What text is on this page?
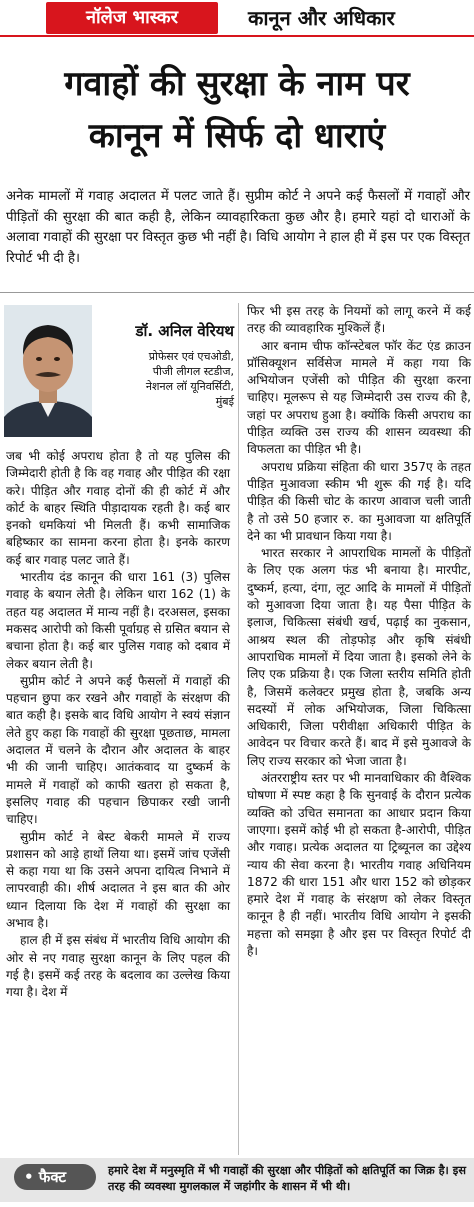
नॉलेज भास्कर	कानून और अधिकार
गवाहों की सुरक्षा के नाम पर
कानून में सिर्फ दो धाराएं
अनेक मामलों में गवाह अदालत में पलट जाते हैं। सुप्रीम कोर्ट ने अपने कई फैसलों में गवाहों और पीड़ितों की सुरक्षा की बात कही है, लेकिन व्यावहारिकता कुछ और है। हमारे यहां दो धाराओं के अलावा गवाहों की सुरक्षा पर विस्तृत कुछ भी नहीं है। विधि आयोग ने हाल ही में इस पर एक विस्तृत रिपोर्ट भी दी है।
डॉ. अनिल वेरियथ
प्रोफेसर एवं एचओडी,
पीजी लीगल स्टडीज,
नेशनल लॉ यूनिवर्सिटी,
मुंबई

जब भी कोई अपराध होता है तो यह पुलिस की जिम्मेदारी होती है कि वह गवाह और पीड़ित की रक्षा करे। पीड़ित और गवाह दोनों की ही कोर्ट में और कोर्ट के बाहर स्थिति पीड़ादायक रहती है। कई बार इनको धमकियां भी मिलती हैं। कभी सामाजिक बहिष्कार का सामना करना होता है। इनके कारण कई बार गवाह पलट जाते हैं।

भारतीय दंड कानून की धारा 161 (3) पुलिस गवाह के बयान लेती है। लेकिन धारा 162 (1) के तहत यह अदालत में मान्य नहीं है। दरअसल, इसका मकसद आरोपी को किसी पूर्वाग्रह से ग्रसित बयान से बचाना होता है। कई बार पुलिस गवाह को दबाव में लेकर बयान लेती है।

सुप्रीम कोर्ट ने अपने कई फैसलों में गवाहों की पहचान छुपा कर रखने और गवाहों के संरक्षण की बात कही है। इसके बाद विधि आयोग ने स्वयं संज्ञान लेते हुए कहा कि गवाहों की सुरक्षा पूछताछ, मामला अदालत में चलने के दौरान और अदालत के बाहर भी की जानी चाहिए। आतंकवाद या दुष्कर्म के मामले में गवाहों को काफी खतरा हो सकता है, इसलिए गवाह की पहचान छिपाकर रखी जानी चाहिए।

सुप्रीम कोर्ट ने बेस्ट बेकरी मामले में राज्य प्रशासन को आड़े हाथों लिया था। इसमें जांच एजेंसी से कहा गया था कि उसने अपना दायित्व निभाने में लापरवाही की। शीर्ष अदालत ने इस बात की ओर ध्यान दिलाया कि देश में गवाहों की सुरक्षा का अभाव है।

हाल ही में इस संबंध में भारतीय विधि आयोग की ओर से नए गवाह सुरक्षा कानून के लिए पहल की गई है। इसमें कई तरह के बदलाव का उल्लेख किया गया है। देश में

फिर भी इस तरह के नियमों को लागू करने में कई तरह की व्यावहारिक मुश्किलें हैं।

आर बनाम चीफ कॉन्स्टेबल फॉर केंट एंड क्राउन प्रॉसिक्यूशन सर्विसेज मामले में कहा गया कि अभियोजन एजेंसी को पीड़ित की सुरक्षा करना चाहिए। मूलरूप से यह जिम्मेदारी उस राज्य की है, जहां पर अपराध हुआ है। क्योंकि किसी अपराध का पीड़ित व्यक्ति उस राज्य की शासन व्यवस्था की विफलता का पीड़ित भी है।

अपराध प्रक्रिया संहिता की धारा 357ए के तहत पीड़ित मुआवजा स्कीम भी शुरू की गई है। यदि पीड़ित की किसी चोट के कारण आवाज चली जाती है तो उसे 50 हजार रु. का मुआवजा या क्षतिपूर्ति देने का भी प्रावधान किया गया है।

भारत सरकार ने आपराधिक मामलों के पीड़ितों के लिए एक अलग फंड भी बनाया है। मारपीट, दुष्कर्म, हत्या, दंगा, लूट आदि के मामलों में पीड़ितों को मुआवजा दिया जाता है। यह पैसा पीड़ित के इलाज, चिकित्सा संबंधी खर्च, पढ़ाई का नुकसान, आश्रय स्थल की तोड़फोड़ और कृषि संबंधी आपराधिक मामलों में दिया जाता है। इसको लेने के लिए एक प्रक्रिया है। एक जिला स्तरीय समिति होती है, जिसमें कलेक्टर प्रमुख होता है, जबकि अन्य सदस्यों में लोक अभियोजक, जिला चिकित्सा अधिकारी, जिला परीवीक्षा अधिकारी पीड़ित के आवेदन पर विचार करते हैं। बाद में इसे मुआवजे के लिए राज्य सरकार को भेजा जाता है।

अंतरराष्ट्रीय स्तर पर भी मानवाधिकार की वैश्विक घोषणा में स्पष्ट कहा है कि सुनवाई के दौरान प्रत्येक व्यक्ति को उचित समानता का आधार प्रदान किया जाएगा। इसमें कोई भी हो सकता है-आरोपी, पीड़ित और गवाह। प्रत्येक अदालत या ट्रिब्यूनल का उद्देश्य न्याय की सेवा करना है। भारतीय गवाह अधिनियम 1872 की धारा 151 और धारा 152 को छोड़कर हमारे देश में गवाह के संरक्षण को लेकर विस्तृत कानून है ही नहीं। भारतीय विधि आयोग ने इसकी महत्ता को समझा है और इस पर विस्तृत रिपोर्ट दी है।

• फैक्ट	हमारे देश में मनुस्मृति में भी गवाहों की सुरक्षा और पीड़ितों को क्षतिपूर्ति का जिक्र है। इस तरह की व्यवस्था मुगलकाल में जहांगीर के शासन में भी थी।
